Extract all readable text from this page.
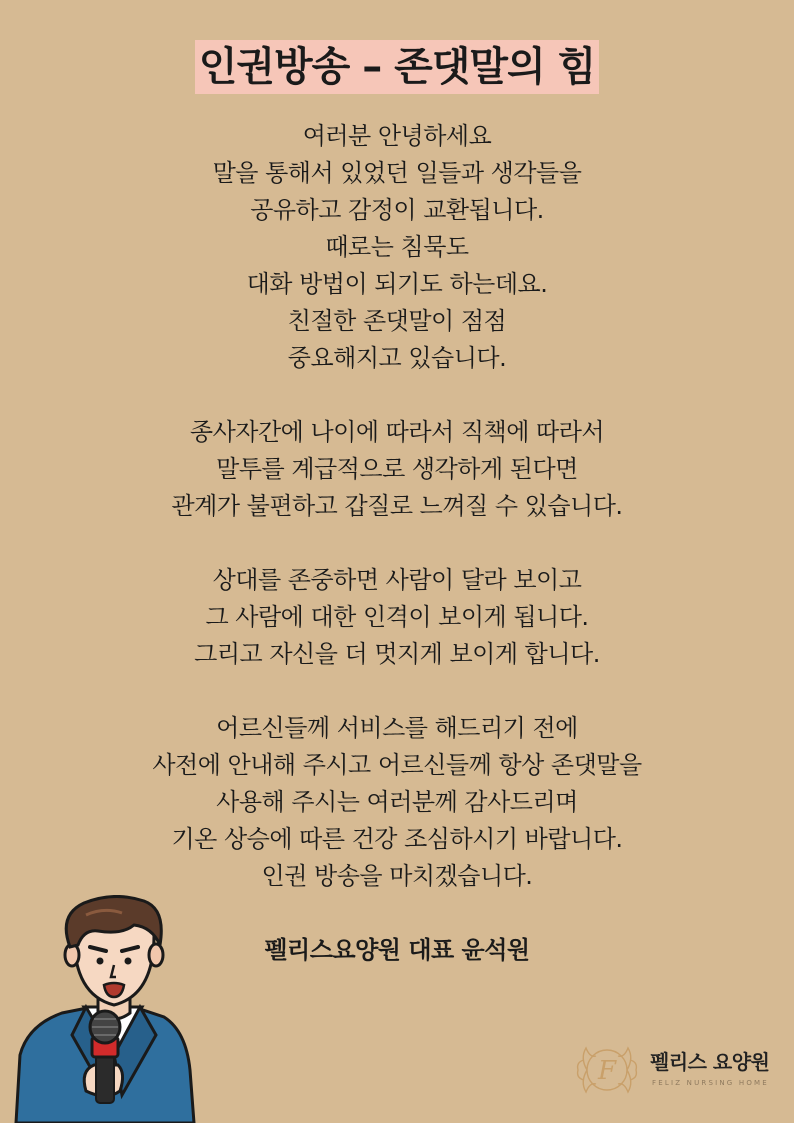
인권방송 – 존댓말의 힘
여러분 안녕하세요
말을 통해서 있었던 일들과 생각들을
공유하고 감정이 교환됩니다.
때로는 침묵도
대화 방법이 되기도 하는데요.
친절한 존댓말이 점점
중요해지고 있습니다.
종사자간에 나이에 따라서 직책에 따라서
말투를 계급적으로 생각하게 된다면
관계가 불편하고 갑질로 느껴질 수 있습니다.
상대를 존중하면 사람이 달라 보이고
그 사람에 대한 인격이 보이게 됩니다.
그리고 자신을 더 멋지게 보이게 합니다.
어르신들께 서비스를 해드리기 전에
사전에 안내해 주시고 어르신들께 항상 존댓말을
사용해 주시는 여러분께 감사드리며
기온 상승에 따른 건강 조심하시기 바랍니다.
인권 방송을 마치겠습니다.
펠리스요양원 대표 윤석원
F 펠리스 요양원
FELIZ NURSING HOME
